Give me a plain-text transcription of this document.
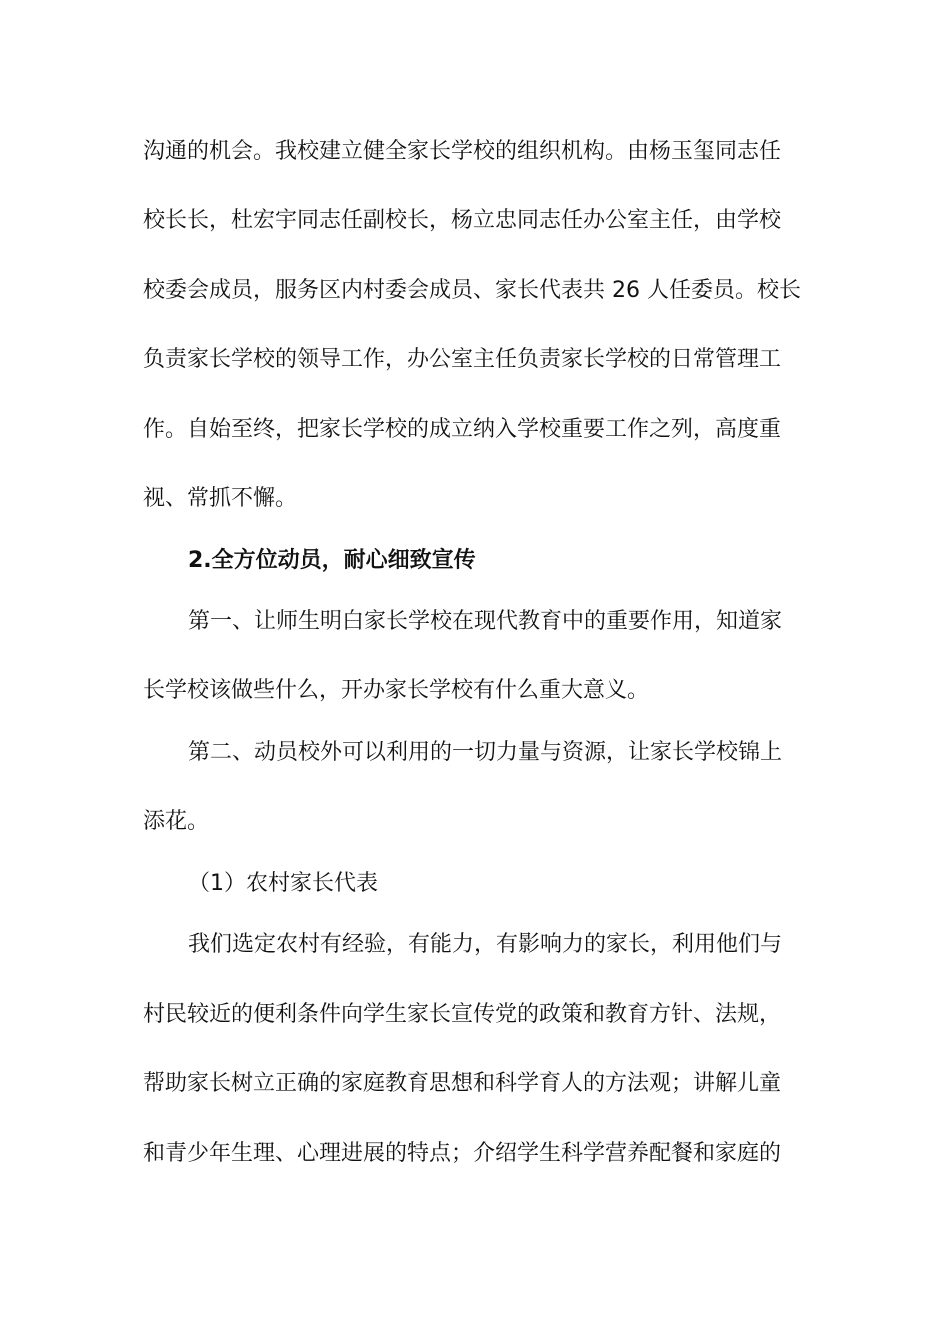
沟通的机会。我校建立健全家长学校的组织机构。由杨玉玺同志任
校长长，杜宏宇同志任副校长，杨立忠同志任办公室主任，由学校
校委会成员，服务区内村委会成员、家长代表共 26 人任委员。校长
负责家长学校的领导工作，办公室主任负责家长学校的日常管理工
作。自始至终，把家长学校的成立纳入学校重要工作之列，高度重
视、常抓不懈。
2.全方位动员，耐心细致宣传
第一、让师生明白家长学校在现代教育中的重要作用，知道家
长学校该做些什么，开办家长学校有什么重大意义。
第二、动员校外可以利用的一切力量与资源，让家长学校锦上
添花。
（1）农村家长代表
我们选定农村有经验，有能力，有影响力的家长，利用他们与
村民较近的便利条件向学生家长宣传党的政策和教育方针、法规，
帮助家长树立正确的家庭教育思想和科学育人的方法观；讲解儿童
和青少年生理、心理进展的特点；介绍学生科学营养配餐和家庭的
